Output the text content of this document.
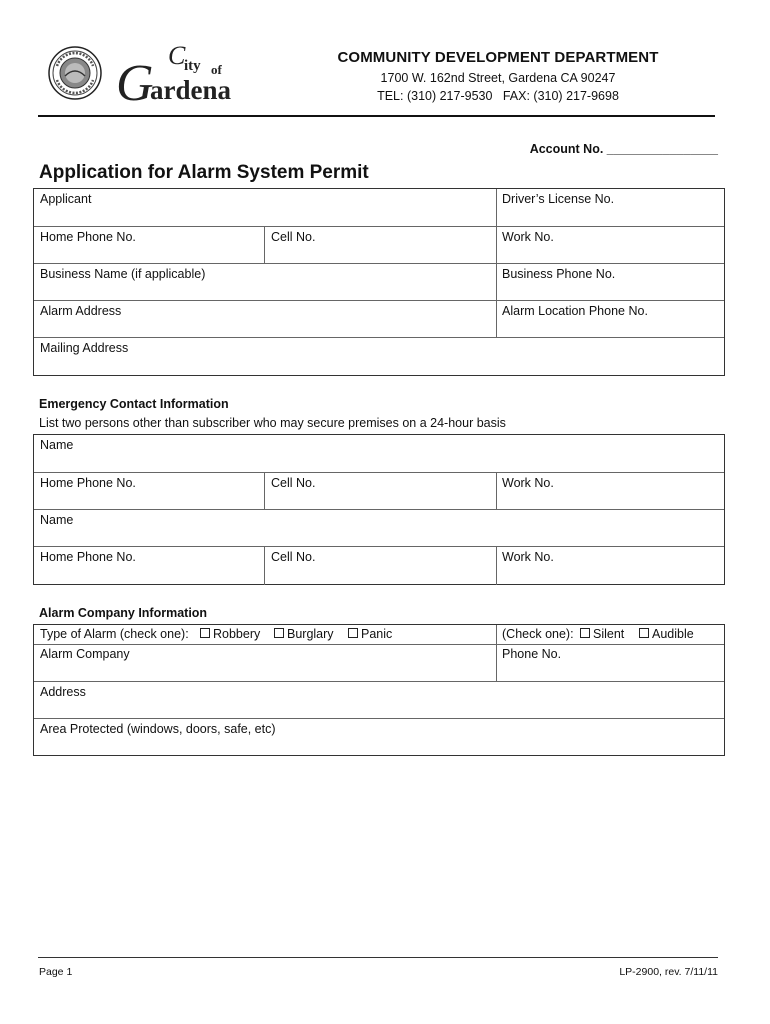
G C
ity of
ardena
COMMUNITY DEVELOPMENT DEPARTMENT
1700 W. 162nd Street, Gardena CA 90247
TEL: (310) 217-9530   FAX: (310) 217-9698
Account No. ________________
Application for Alarm System Permit
Applicant	Driver’s License No.
Home Phone No.	Cell No.	Work No.
Business Name (if applicable)	Business Phone No.
Alarm Address	Alarm Location Phone No.
Mailing Address
Emergency Contact Information
List two persons other than subscriber who may secure premises on a 24-hour basis
Name
Home Phone No.	Cell No.	Work No.
Name
Home Phone No.	Cell No.	Work No.
Alarm Company Information
Type of Alarm (check one):	Robbery	Burglary	Panic	(Check one):	Silent	Audible
Alarm Company	Phone No.
Address
Area Protected (windows, doors, safe, etc)
Page 1	LP-2900, rev. 7/11/11
